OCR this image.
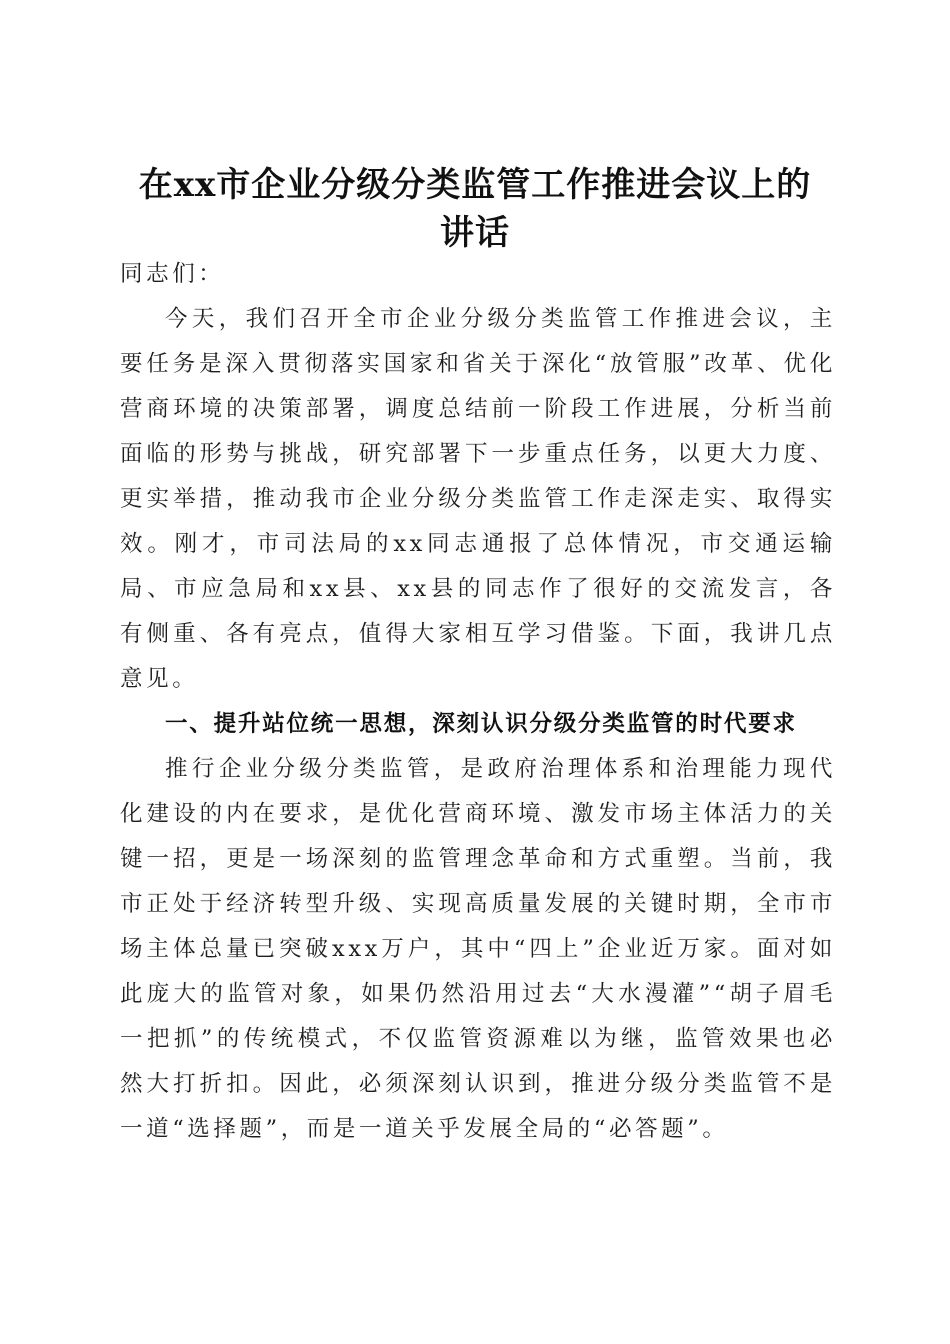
在xx市企业分级分类监管工作推进会议上的
讲话

同志们：

今天，我们召开全市企业分级分类监管工作推进会议，主要任务是深入贯彻落实国家和省关于深化“放管服”改革、优化营商环境的决策部署，调度总结前一阶段工作进展，分析当前面临的形势与挑战，研究部署下一步重点任务，以更大力度、更实举措，推动我市企业分级分类监管工作走深走实、取得实效。刚才，市司法局的xx同志通报了总体情况，市交通运输局、市应急局和xx县、xx县的同志作了很好的交流发言，各有侧重、各有亮点，值得大家相互学习借鉴。下面，我讲几点意见。

一、提升站位统一思想，深刻认识分级分类监管的时代要求

推行企业分级分类监管，是政府治理体系和治理能力现代化建设的内在要求，是优化营商环境、激发市场主体活力的关键一招，更是一场深刻的监管理念革命和方式重塑。当前，我市正处于经济转型升级、实现高质量发展的关键时期，全市市场主体总量已突破xxx万户，其中“四上”企业近万家。面对如此庞大的监管对象，如果仍然沿用过去“大水漫灌”“胡子眉毛一把抓”的传统模式，不仅监管资源难以为继，监管效果也必然大打折扣。因此，必须深刻认识到，推进分级分类监管不是一道“选择题”，而是一道关乎发展全局的“必答题”。
